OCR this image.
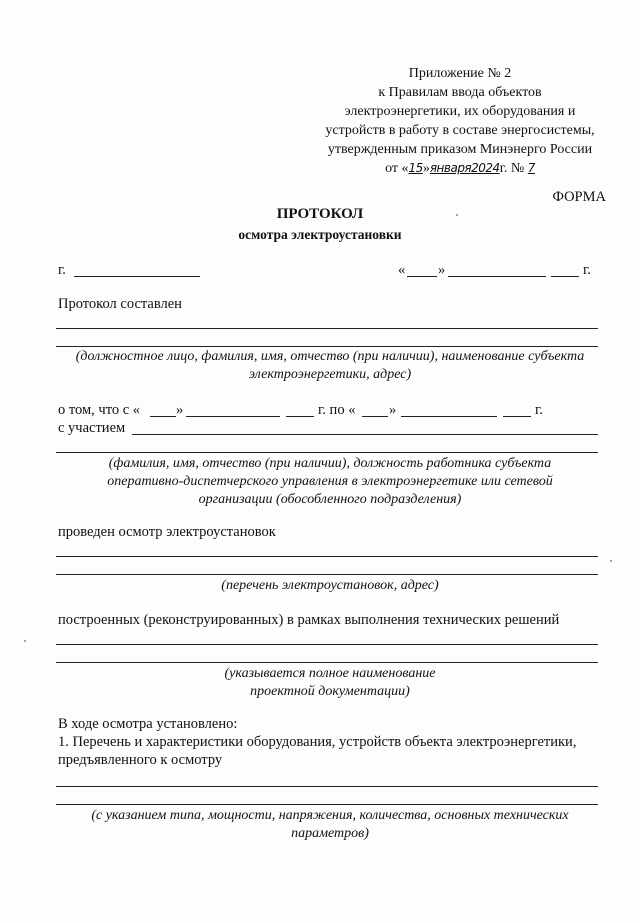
Приложение № 2
к Правилам ввода объектов
электроэнергетики, их оборудования и
устройств в работу в составе энергосистемы,
утвержденным приказом Минэнерго России
от «15»января2024г. № 7
ФОРМА
ПРОТОКОЛ
осмотра электроустановки
г.	« »	г.
Протокол составлен
(должностное лицо, фамилия, имя, отчество (при наличии), наименование субъекта
электроэнергетики, адрес)
о том, что с « »	г. по « »	г.
с участием
(фамилия, имя, отчество (при наличии), должность работника субъекта
оперативно-диспетчерского управления в электроэнергетике или сетевой
организации (обособленного подразделения)
проведен осмотр электроустановок
(перечень электроустановок, адрес)
построенных (реконструированных) в рамках выполнения технических решений
(указывается полное наименование
проектной документации)
В ходе осмотра установлено:
1. Перечень и характеристики оборудования, устройств объекта электроэнергетики,
предъявленного к осмотру
(с указанием типа, мощности, напряжения, количества, основных технических
параметров)
